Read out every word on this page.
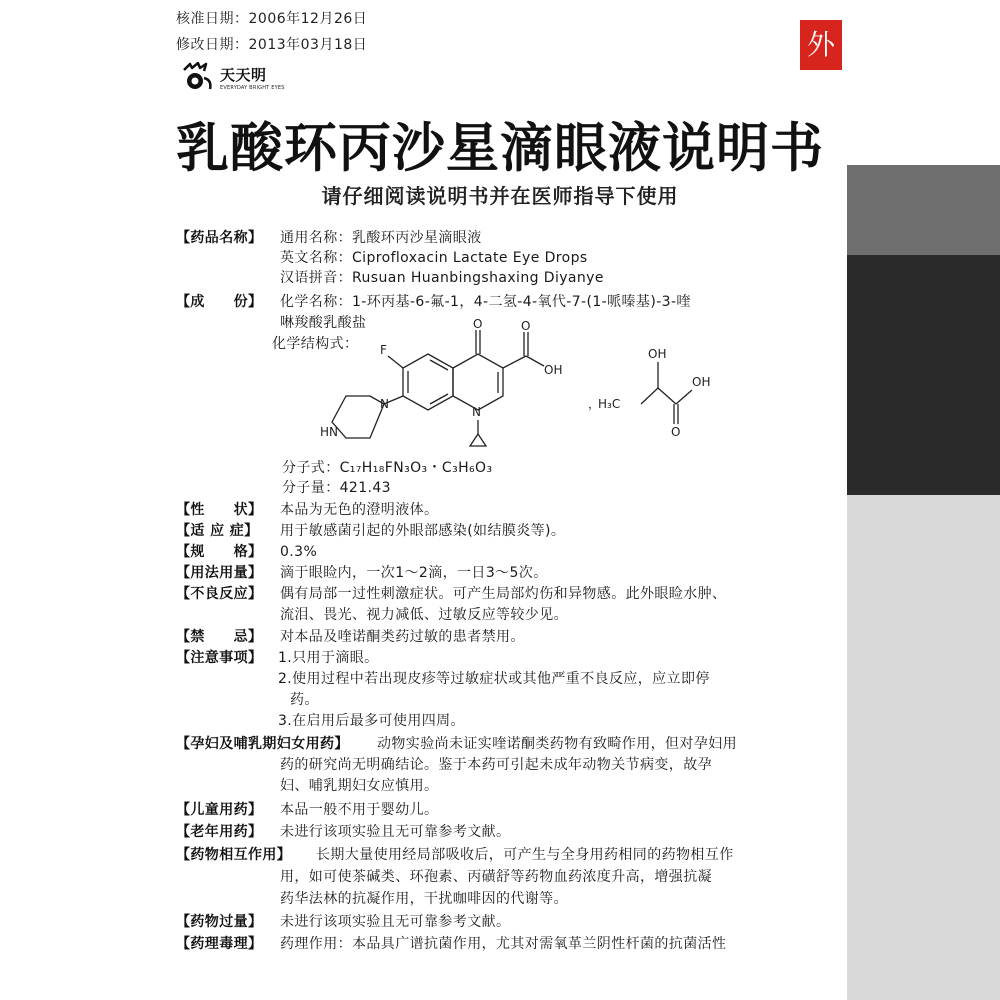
核准日期：2006年12月26日
修改日期：2013年03月18日	外
天天明
EVERYDAY BRIGHT EYES
乳酸环丙沙星滴眼液说明书
请仔细阅读说明书并在医师指导下使用
【药品名称】 通用名称：乳酸环丙沙星滴眼液
英文名称：Ciprofloxacin Lactate Eye Drops
汉语拼音：Rusuan Huanbingshaxing Diyanye
【成　　份】 化学名称：1-环丙基-6-氟-1，4-二氢-4-氧代-7-(1-哌嗪基)-3-喹
啉羧酸乳酸盐
化学结构式：
O	O
OH
F
N
N
HN
，
H₃C
OH
OH
O
分子式：C₁₇H₁₈FN₃O₃・C₃H₆O₃
分子量：421.43
【性　　状】 本品为无色的澄明液体。
【适 应 症】 用于敏感菌引起的外眼部感染(如结膜炎等)。
【规　　格】 0.3%
【用法用量】 滴于眼睑内，一次1～2滴，一日3～5次。
【不良反应】 偶有局部一过性刺激症状。可产生局部灼伤和异物感。此外眼睑水肿、
流泪、畏光、视力减低、过敏反应等较少见。
【禁　　忌】 对本品及喹诺酮类药过敏的患者禁用。
【注意事项】 1.只用于滴眼。
2.使用过程中若出现皮疹等过敏症状或其他严重不良反应，应立即停
药。
3.在启用后最多可使用四周。
【孕妇及哺乳期妇女用药】 动物实验尚未证实喹诺酮类药物有致畸作用，但对孕妇用
药的研究尚无明确结论。鉴于本药可引起未成年动物关节病变，故孕
妇、哺乳期妇女应慎用。
【儿童用药】 本品一般不用于婴幼儿。
【老年用药】 未进行该项实验且无可靠参考文献。
【药物相互作用】 长期大量使用经局部吸收后，可产生与全身用药相同的药物相互作
用，如可使茶碱类、环孢素、丙磺舒等药物血药浓度升高，增强抗凝
药华法林的抗凝作用，干扰咖啡因的代谢等。
【药物过量】 未进行该项实验且无可靠参考文献。
【药理毒理】 药理作用：本品具广谱抗菌作用，尤其对需氧革兰阴性杆菌的抗菌活性
